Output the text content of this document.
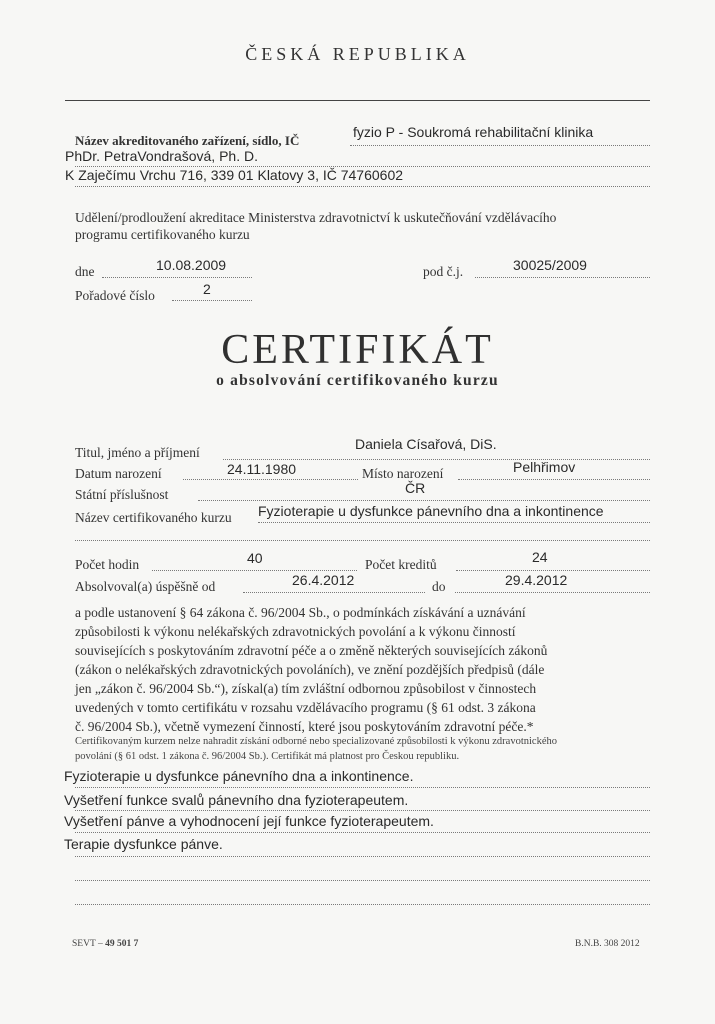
ČESKÁ REPUBLIKA
Název akreditovaného zařízení, sídlo, IČ
fyzio P - Soukromá rehabilitační klinika
PhDr. PetraVondrašová, Ph. D.
K Zaječímu Vrchu 716, 339 01 Klatovy 3, IČ 74760602
Udělení/prodloužení akreditace Ministerstva zdravotnictví k uskutečňování vzdělávacího
programu certifikovaného kurzu
dne	10.08.2009	pod č.j.	30025/2009
Pořadové číslo	2
CERTIFIKÁT
o absolvování certifikovaného kurzu
Titul, jméno a příjmení
Daniela Císařová, DiS.
Datum narození	24.11.1980	Místo narození	Pelhřimov
Státní příslušnost	ČR
Název certifikovaného kurzu Fyzioterapie u dysfunkce pánevního dna a inkontinence
Počet hodin	40	Počet kreditů	24
Absolvoval(a) úspěšně od	26.4.2012	do	29.4.2012
a podle ustanovení § 64 zákona č. 96/2004 Sb., o podmínkách získávání a uznávání
způsobilosti k výkonu nelékařských zdravotnických povolání a k výkonu činností
souvisejících s poskytováním zdravotní péče a o změně některých souvisejících zákonů
(zákon o nelékařských zdravotnických povoláních), ve znění pozdějších předpisů (dále
jen „zákon č. 96/2004 Sb.“), získal(a) tím zvláštní odbornou způsobilost v činnostech
uvedených v tomto certifikátu v rozsahu vzdělávacího programu (§ 61 odst. 3 zákona
č. 96/2004 Sb.), včetně vymezení činností, které jsou poskytováním zdravotní péče.*
Certifikovaným kurzem nelze nahradit získání odborné nebo specializované způsobilosti k výkonu zdravotnického
povolání (§ 61 odst. 1 zákona č. 96/2004 Sb.). Certifikát má platnost pro Českou republiku.
Fyzioterapie u dysfunkce pánevního dna a inkontinence.
Vyšetření funkce svalů pánevního dna fyzioterapeutem.
Vyšetření pánve a vyhodnocení její funkce fyzioterapeutem.
Terapie dysfunkce pánve.
SEVT – 49 501 7	B.N.B. 308 2012
